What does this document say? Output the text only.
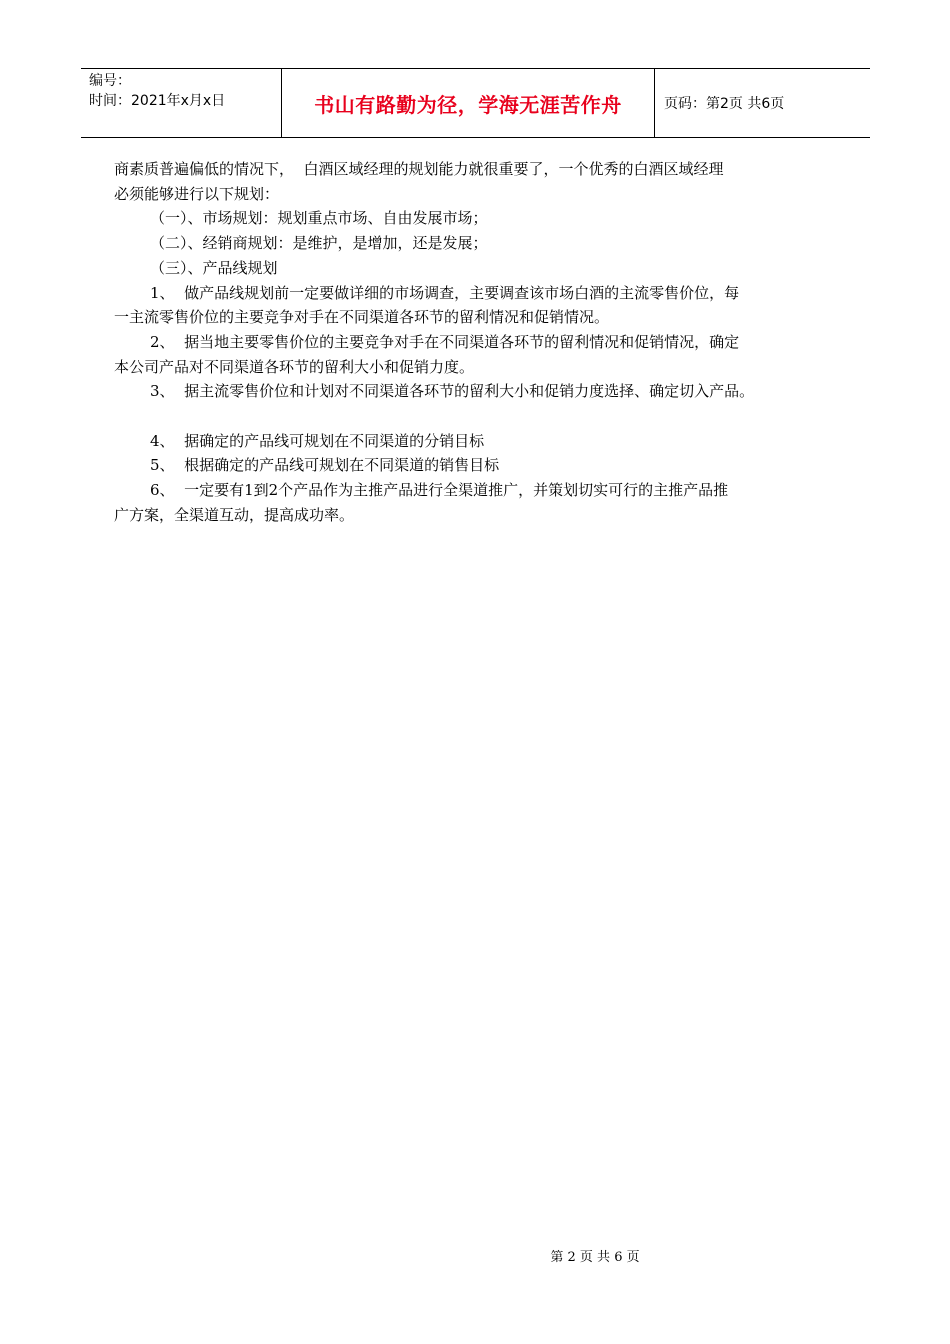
编号：
时间：2021年x月x日	书山有路勤为径，学海无涯苦作舟	页码：第2页 共6页

商素质普遍偏低的情况下，  白酒区域经理的规划能力就很重要了，一个优秀的白酒区域经理

必须能够进行以下规划：

（一）、市场规划：规划重点市场、自由发展市场；

（二）、经销商规划：是维护，是增加，还是发展；

（三）、产品线规划

1、  做产品线规划前一定要做详细的市场调查，主要调查该市场白酒的主流零售价位，每

一主流零售价位的主要竞争对手在不同渠道各环节的留利情况和促销情况。

2、  据当地主要零售价位的主要竞争对手在不同渠道各环节的留利情况和促销情况，确定

本公司产品对不同渠道各环节的留利大小和促销力度。

3、  据主流零售价位和计划对不同渠道各环节的留利大小和促销力度选择、确定切入产品。

4、  据确定的产品线可规划在不同渠道的分销目标

5、  根据确定的产品线可规划在不同渠道的销售目标

6、  一定要有1到2个产品作为主推产品进行全渠道推广，并策划切实可行的主推产品推

广方案，全渠道互动，提高成功率。

第 2 页 共 6 页
